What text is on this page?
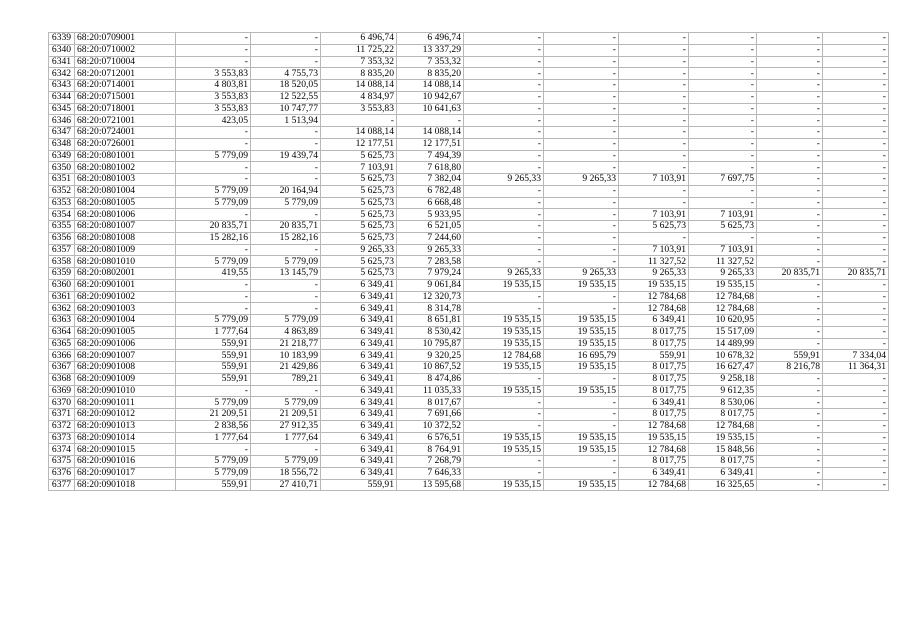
6339	68:20:0709001	-	-	6 496,74	6 496,74	-	-	-	-	-	-
6340	68:20:0710002	-	-	11 725,22	13 337,29	-	-	-	-	-	-
6341	68:20:0710004	-	-	7 353,32	7 353,32	-	-	-	-	-	-
6342	68:20:0712001	3 553,83	4 755,73	8 835,20	8 835,20	-	-	-	-	-	-
6343	68:20:0714001	4 803,81	18 520,05	14 088,14	14 088,14	-	-	-	-	-	-
6344	68:20:0715001	3 553,83	12 522,55	4 834,97	10 942,67	-	-	-	-	-	-
6345	68:20:0718001	3 553,83	10 747,77	3 553,83	10 641,63	-	-	-	-	-	-
6346	68:20:0721001	423,05	1 513,94	-	-	-	-	-	-	-	-
6347	68:20:0724001	-	-	14 088,14	14 088,14	-	-	-	-	-	-
6348	68:20:0726001	-	-	12 177,51	12 177,51	-	-	-	-	-	-
6349	68:20:0801001	5 779,09	19 439,74	5 625,73	7 494,39	-	-	-	-	-	-
6350	68:20:0801002	-	-	7 103,91	7 618,80	-	-	-	-	-	-
6351	68:20:0801003	-	-	5 625,73	7 382,04	9 265,33	9 265,33	7 103,91	7 697,75	-	-
6352	68:20:0801004	5 779,09	20 164,94	5 625,73	6 782,48	-	-	-	-	-	-
6353	68:20:0801005	5 779,09	5 779,09	5 625,73	6 668,48	-	-	-	-	-	-
6354	68:20:0801006	-	-	5 625,73	5 933,95	-	-	7 103,91	7 103,91	-	-
6355	68:20:0801007	20 835,71	20 835,71	5 625,73	6 521,05	-	-	5 625,73	5 625,73	-	-
6356	68:20:0801008	15 282,16	15 282,16	5 625,73	7 244,60	-	-	-	-	-	-
6357	68:20:0801009	-	-	9 265,33	9 265,33	-	-	7 103,91	7 103,91	-	-
6358	68:20:0801010	5 779,09	5 779,09	5 625,73	7 283,58	-	-	11 327,52	11 327,52	-	-
6359	68:20:0802001	419,55	13 145,79	5 625,73	7 979,24	9 265,33	9 265,33	9 265,33	9 265,33	20 835,71	20 835,71
6360	68:20:0901001	-	-	6 349,41	9 061,84	19 535,15	19 535,15	19 535,15	19 535,15	-	-
6361	68:20:0901002	-	-	6 349,41	12 320,73	-	-	12 784,68	12 784,68	-	-
6362	68:20:0901003	-	-	6 349,41	8 314,78	-	-	12 784,68	12 784,68	-	-
6363	68:20:0901004	5 779,09	5 779,09	6 349,41	8 651,81	19 535,15	19 535,15	6 349,41	10 620,95	-	-
6364	68:20:0901005	1 777,64	4 863,89	6 349,41	8 530,42	19 535,15	19 535,15	8 017,75	15 517,09	-	-
6365	68:20:0901006	559,91	21 218,77	6 349,41	10 795,87	19 535,15	19 535,15	8 017,75	14 489,99	-	-
6366	68:20:0901007	559,91	10 183,99	6 349,41	9 320,25	12 784,68	16 695,79	559,91	10 678,32	559,91	7 334,04
6367	68:20:0901008	559,91	21 429,86	6 349,41	10 867,52	19 535,15	19 535,15	8 017,75	16 627,47	8 216,78	11 364,31
6368	68:20:0901009	559,91	789,21	6 349,41	8 474,86	-	-	8 017,75	9 258,18	-	-
6369	68:20:0901010	-	-	6 349,41	11 035,33	19 535,15	19 535,15	8 017,75	9 612,35	-	-
6370	68:20:0901011	5 779,09	5 779,09	6 349,41	8 017,67	-	-	6 349,41	8 530,06	-	-
6371	68:20:0901012	21 209,51	21 209,51	6 349,41	7 691,66	-	-	8 017,75	8 017,75	-	-
6372	68:20:0901013	2 838,56	27 912,35	6 349,41	10 372,52	-	-	12 784,68	12 784,68	-	-
6373	68:20:0901014	1 777,64	1 777,64	6 349,41	6 576,51	19 535,15	19 535,15	19 535,15	19 535,15	-	-
6374	68:20:0901015	-	-	6 349,41	8 764,91	19 535,15	19 535,15	12 784,68	15 848,56	-	-
6375	68:20:0901016	5 779,09	5 779,09	6 349,41	7 268,79	-	-	8 017,75	8 017,75	-	-
6376	68:20:0901017	5 779,09	18 556,72	6 349,41	7 646,33	-	-	6 349,41	6 349,41	-	-
6377	68:20:0901018	559,91	27 410,71	559,91	13 595,68	19 535,15	19 535,15	12 784,68	16 325,65	-	-
